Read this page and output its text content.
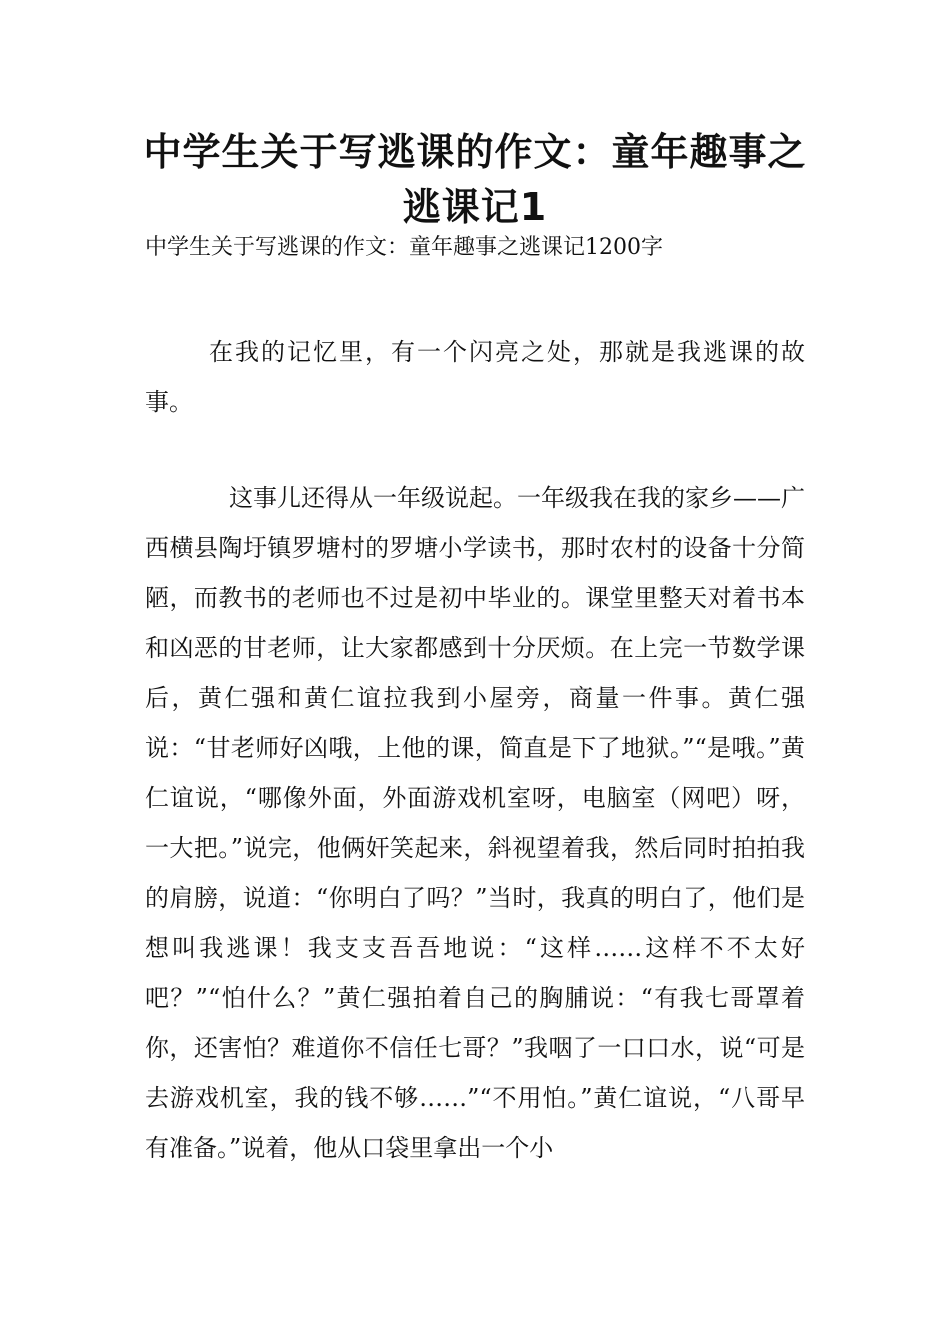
中学生关于写逃课的作文：童年趣事之逃课记1
中学生关于写逃课的作文：童年趣事之逃课记1200字

在我的记忆里，有一个闪亮之处，那就是我逃课的故事。

这事儿还得从一年级说起。一年级我在我的家乡——广西横县陶圩镇罗塘村的罗塘小学读书，那时农村的设备十分简陋，而教书的老师也不过是初中毕业的。课堂里整天对着书本和凶恶的甘老师，让大家都感到十分厌烦。在上完一节数学课后，黄仁强和黄仁谊拉我到小屋旁，商量一件事。黄仁强说：“甘老师好凶哦，上他的课，简直是下了地狱。”“是哦。”黄仁谊说，“哪像外面，外面游戏机室呀，电脑室（网吧）呀，一大把。”说完，他俩奸笑起来，斜视望着我，然后同时拍拍我的肩膀，说道：“你明白了吗？”当时，我真的明白了，他们是想叫我逃课！我支支吾吾地说：“这样……这样不不太好吧？”“怕什么？”黄仁强拍着自己的胸脯说：“有我七哥罩着你，还害怕？难道你不信任七哥？”我咽了一口口水，说“可是去游戏机室，我的钱不够……”“不用怕。”黄仁谊说，“八哥早有准备。”说着，他从口袋里拿出一个小
